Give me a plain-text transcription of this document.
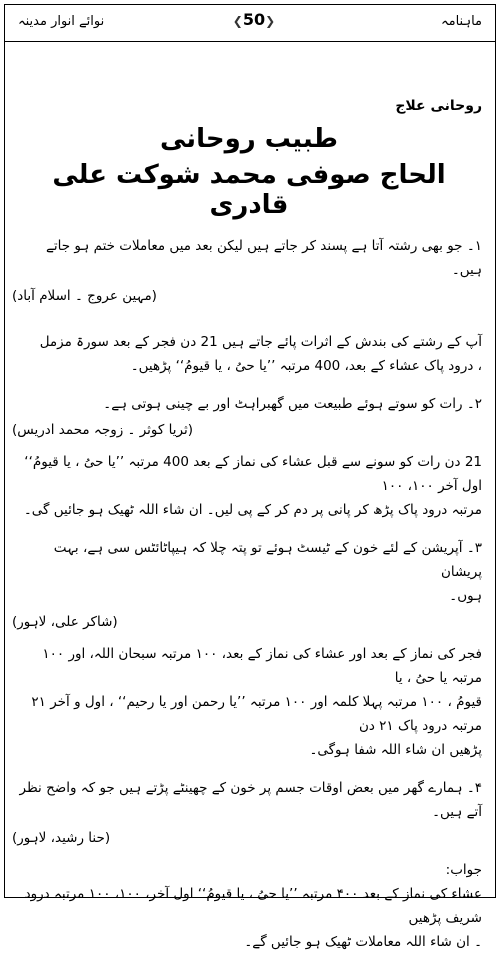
ماہنامہ
❮50❯
نوائے انوار مدینہ
روحانی علاج
طبیب روحانی
الحاج صوفی محمد شوکت علی قادری
۱۔ جو بھی رشتہ آتا ہے پسند کر جاتے ہیں لیکن بعد میں معاملات ختم ہو جاتے ہیں۔
(مہین عروج ۔ اسلام آباد)
آپ کے رشتے کی بندش کے اثرات پائے جاتے ہیں 21 دن فجر کے بعد سورۃ مزمل
، درود پاک عشاء کے بعد، 400 مرتبہ ’’یا حیُ ، یا قیومُ‘‘ پڑھیں۔
۲۔ رات کو سوتے ہوئے طبیعت میں گھبراہٹ اور بے چینی ہوتی ہے۔
(ثریا کوثر ۔ زوجہ محمد ادریس)
21 دن رات کو سونے سے قبل عشاء کی نماز کے بعد 400 مرتبہ ’’یا حیُ ، یا قیومُ‘‘ اول آخر ۱۰۰، ۱۰۰
مرتبہ درود پاک پڑھ کر پانی پر دم کر کے پی لیں۔ ان شاء اللہ ٹھیک ہو جائیں گی۔
۳۔ آپریشن کے لئے خون کے ٹیسٹ ہوئے تو پتہ چلا کہ ہیپاٹائٹس سی ہے، بہت پریشان
ہوں۔
(شاکر علی، لاہور)
فجر کی نماز کے بعد اور عشاء کی نماز کے بعد، ۱۰۰ مرتبہ سبحان اللہ، اور ۱۰۰ مرتبہ یا حیُ ، یا
قیومُ ، ۱۰۰ مرتبہ پہلا کلمہ اور ۱۰۰ مرتبہ ’’یا رحمن اور یا رحیم‘‘ ، اول و آخر ۲۱ مرتبہ درود پاک ۲۱ دن
پڑھیں ان شاء اللہ شفا ہوگی۔
۴۔ ہمارے گھر میں بعض اوقات جسم پر خون کے چھینٹے پڑتے ہیں جو کہ واضح نظر آتے ہیں۔
(حنا رشید، لاہور)
جواب:
عشاء کی نماز کے بعد ۴۰۰ مرتبہ ’’یا حیُ ، یا قیومُ‘‘ اول آخر، ۱۰۰، ۱۰۰ مرتبہ درود شریف پڑھیں
۔ ان شاء اللہ معاملات ٹھیک ہو جائیں گے۔
